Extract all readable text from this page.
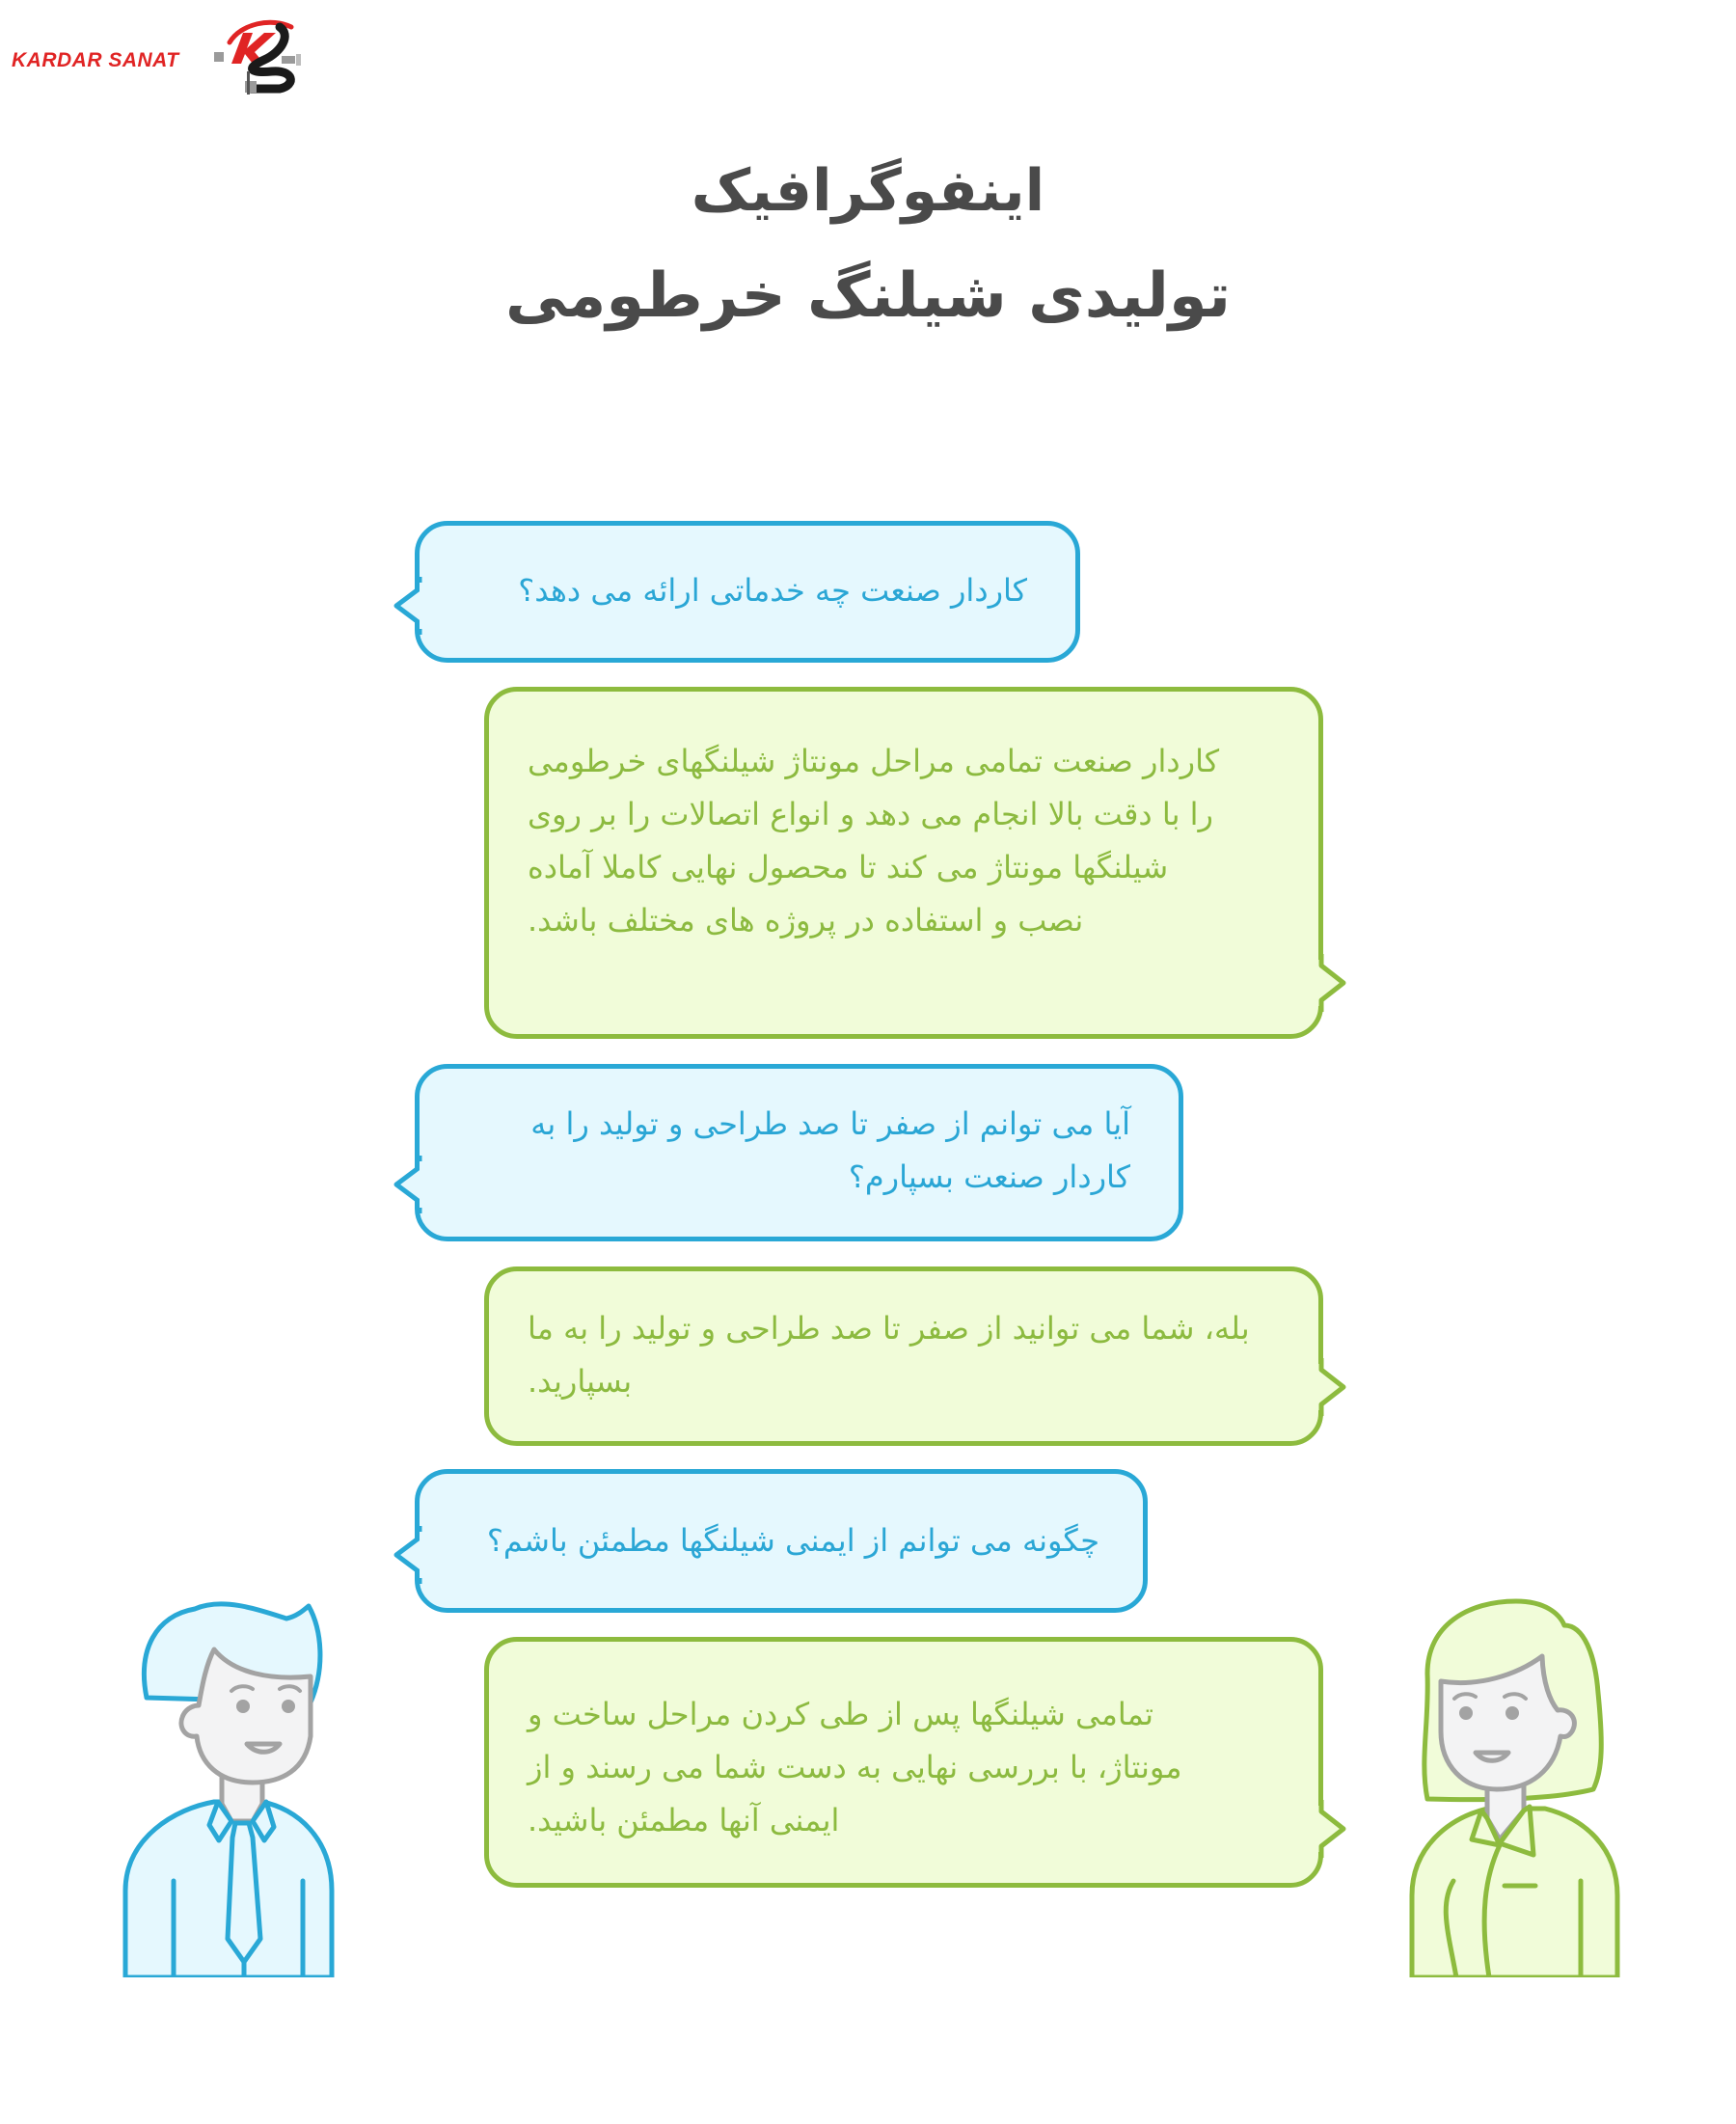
KARDAR SANAT
اینفوگرافیک
تولیدی شیلنگ خرطومی
کاردار صنعت چه خدماتی ارائه می دهد؟
کاردار صنعت تمامی مراحل مونتاژ شیلنگهای خرطومی را با دقت بالا انجام می دهد و انواع اتصالات را بر روی شیلنگها مونتاژ می کند تا محصول نهایی کاملا آماده نصب و استفاده در پروژه های مختلف باشد.
آیا می توانم از صفر تا صد طراحی و تولید را به کاردار صنعت بسپارم؟
بله، شما می توانید از صفر تا صد طراحی و تولید را به ما بسپارید.
چگونه می توانم از ایمنی شیلنگها مطمئن باشم؟
تمامی شیلنگها پس از طی کردن مراحل ساخت و مونتاژ، با بررسی نهایی به دست شما می رسند و از ایمنی آنها مطمئن باشید.
